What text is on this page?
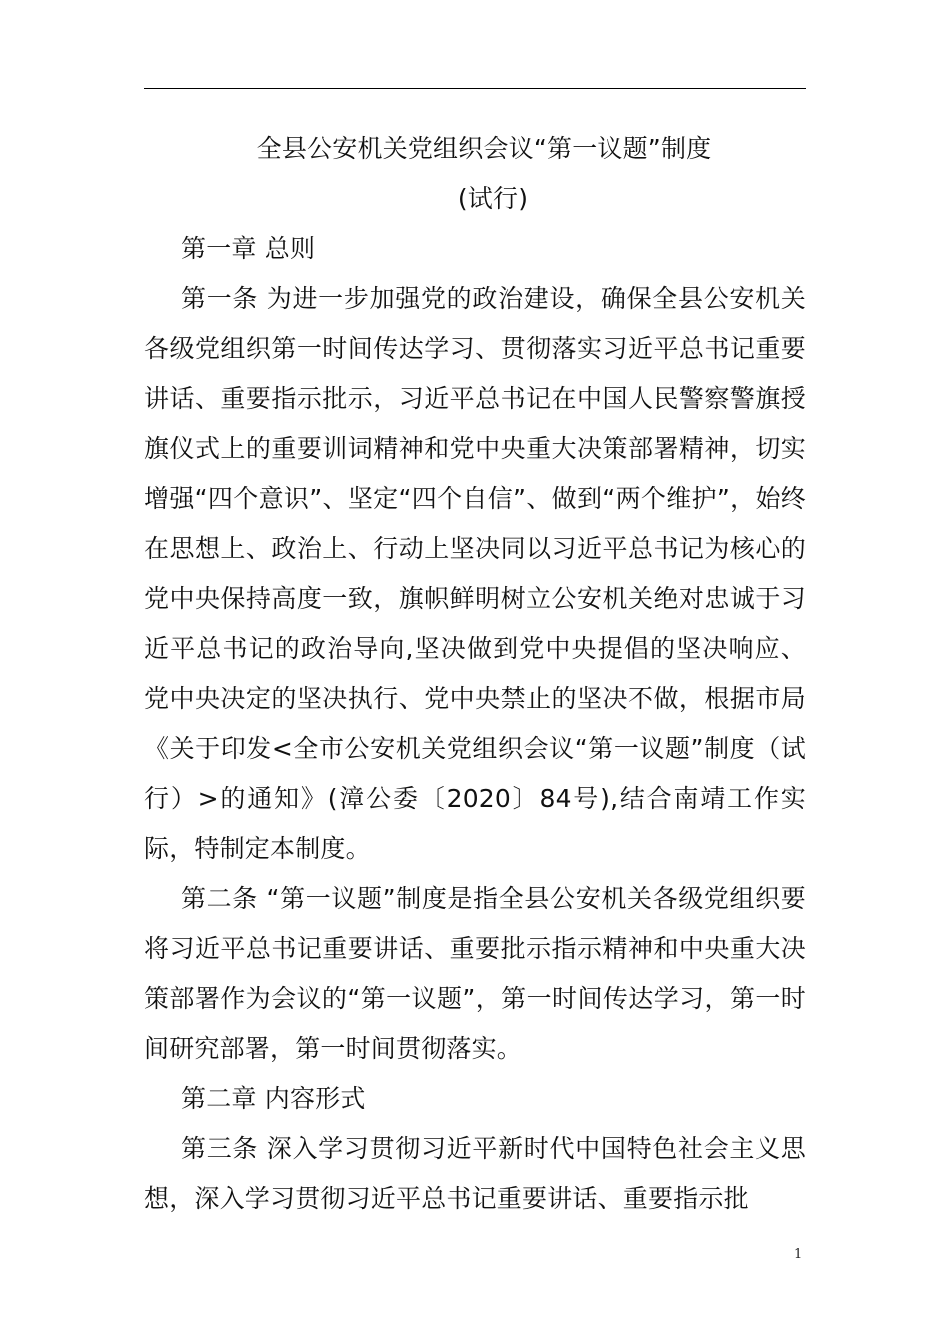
全县公安机关党组织会议“第一议题”制度

(试行)

第一章 总则

第一条 为进一步加强党的政治建设，确保全县公安机关各级党组织第一时间传达学习、贯彻落实习近平总书记重要讲话、重要指示批示，习近平总书记在中国人民警察警旗授旗仪式上的重要训词精神和党中央重大决策部署精神，切实增强“四个意识”、坚定“四个自信”、做到“两个维护”，始终在思想上、政治上、行动上坚决同以习近平总书记为核心的党中央保持高度一致，旗帜鲜明树立公安机关绝对忠诚于习近平总书记的政治导向,坚决做到党中央提倡的坚决响应、党中央决定的坚决执行、党中央禁止的坚决不做，根据市局《关于印发<全市公安机关党组织会议“第一议题”制度（试行）>的通知》(漳公委〔2020〕84号),结合南靖工作实际，特制定本制度。

第二条 “第一议题”制度是指全县公安机关各级党组织要将习近平总书记重要讲话、重要批示指示精神和中央重大决策部署作为会议的“第一议题”，第一时间传达学习，第一时间研究部署，第一时间贯彻落实。

第二章 内容形式

第三条 深入学习贯彻习近平新时代中国特色社会主义思想，深入学习贯彻习近平总书记重要讲话、重要指示批

1
